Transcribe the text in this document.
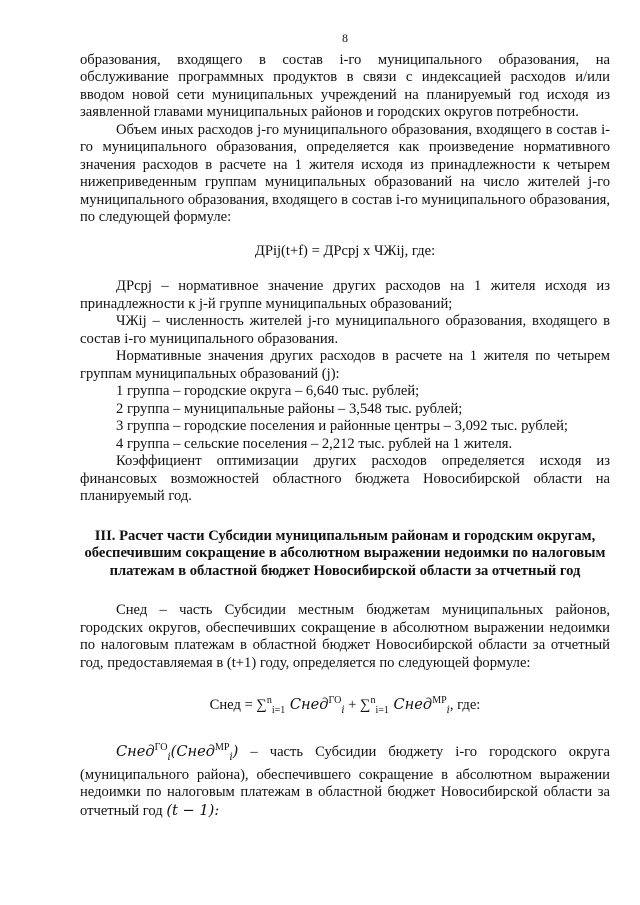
8

образования, входящего в состав i-го муниципального образования, на обслуживание программных продуктов в связи с индексацией расходов и/или вводом новой сети муниципальных учреждений на планируемый год исходя из заявленной главами муниципальных районов и городских округов потребности.

Объем иных расходов j-го муниципального образования, входящего в состав i-го муниципального образования, определяется как произведение нормативного значения расходов в расчете на 1 жителя исходя из принадлежности к четырем нижеприведенным группам муниципальных образований на число жителей j-го муниципального образования, входящего в состав i-го муниципального образования, по следующей формуле:

ДРij(t+f) = ДРсрj х ЧЖij, где:

ДРсрj – нормативное значение других расходов на 1 жителя исходя из принадлежности к j-й группе муниципальных образований;

ЧЖij – численность жителей j-го муниципального образования, входящего в состав i-го муниципального образования.

Нормативные значения других расходов в расчете на 1 жителя по четырем группам муниципальных образований (j):

1 группа – городские округа – 6,640 тыс. рублей;

2 группа – муниципальные районы – 3,548 тыс. рублей;

3 группа – городские поселения и районные центры – 3,092 тыс. рублей;

4 группа – сельские поселения – 2,212 тыс. рублей на 1 жителя.

Коэффициент оптимизации других расходов определяется исходя из финансовых возможностей областного бюджета Новосибирской области на планируемый год.

III. Расчет части Субсидии муниципальным районам и городским округам, обеспечившим сокращение в абсолютном выражении недоимки по налоговым платежам в областной бюджет Новосибирской области за отчетный год

Снед – часть Субсидии местным бюджетам муниципальных районов, городских округов, обеспечивших сокращение в абсолютном выражении недоимки по налоговым платежам в областной бюджет Новосибирской области за отчетный год, предоставляемая в (t+1) году, определяется по следующей формуле:

Снед = ∑$^n_{i=1}$ Снед$^{ГО}_i$ + ∑$^n_{i=1}$ Снед$^{МР}_i$, где:

Снед$^{ГО}_i$(Снед$^{МР}_i$) – часть Субсидии бюджету i-го городского округа (муниципального района), обеспечившего сокращение в абсолютном выражении недоимки по налоговым платежам в областной бюджет Новосибирской области за отчетный год (t − 1):
